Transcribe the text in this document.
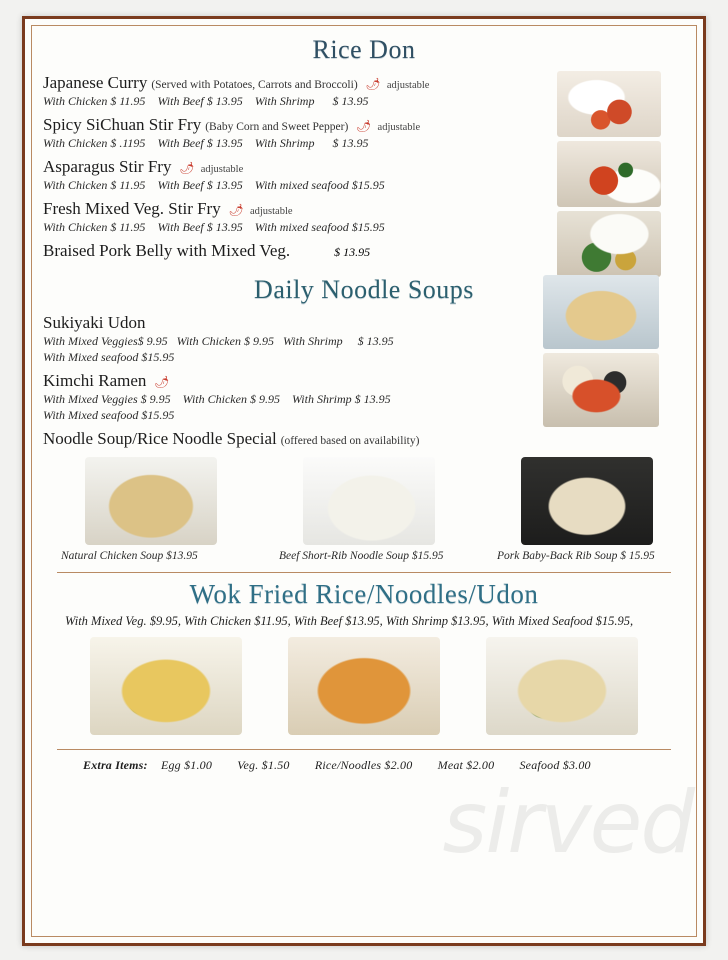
sirved
Rice Don
Japanese Curry (Served with Potatoes, Carrots and Broccoli) 🌶 adjustable
With Chicken $ 11.95 With Beef $ 13.95 With Shrimp $ 13.95
Spicy SiChuan Stir Fry (Baby Corn and Sweet Pepper) 🌶 adjustable
With Chicken $ .1195 With Beef $ 13.95 With Shrimp $ 13.95
Asparagus Stir Fry 🌶 adjustable
With Chicken $ 11.95 With Beef $ 13.95 With mixed seafood $15.95
Fresh Mixed Veg. Stir Fry 🌶 adjustable
With Chicken $ 11.95 With Beef $ 13.95 With mixed seafood $15.95
Braised Pork Belly with Mixed Veg.	$ 13.95
Daily Noodle Soups
Sukiyaki Udon
With Mixed Veggies$ 9.95 With Chicken $ 9.95 With Shrimp $ 13.95
With Mixed seafood $15.95
Kimchi Ramen 🌶
With Mixed Veggies $ 9.95 With Chicken $ 9.95 With Shrimp $ 13.95
With Mixed seafood $15.95
Noodle Soup/Rice Noodle Special (offered based on availability)
Natural Chicken Soup $13.95	Beef Short-Rib Noodle Soup $15.95	Pork Baby-Back Rib Soup $ 15.95
Wok Fried Rice/Noodles/Udon
With Mixed Veg. $9.95, With Chicken $11.95, With Beef $13.95, With Shrimp $13.95, With Mixed Seafood $15.95,
Extra Items: Egg $1.00 Veg. $1.50 Rice/Noodles $2.00 Meat $2.00 Seafood $3.00
